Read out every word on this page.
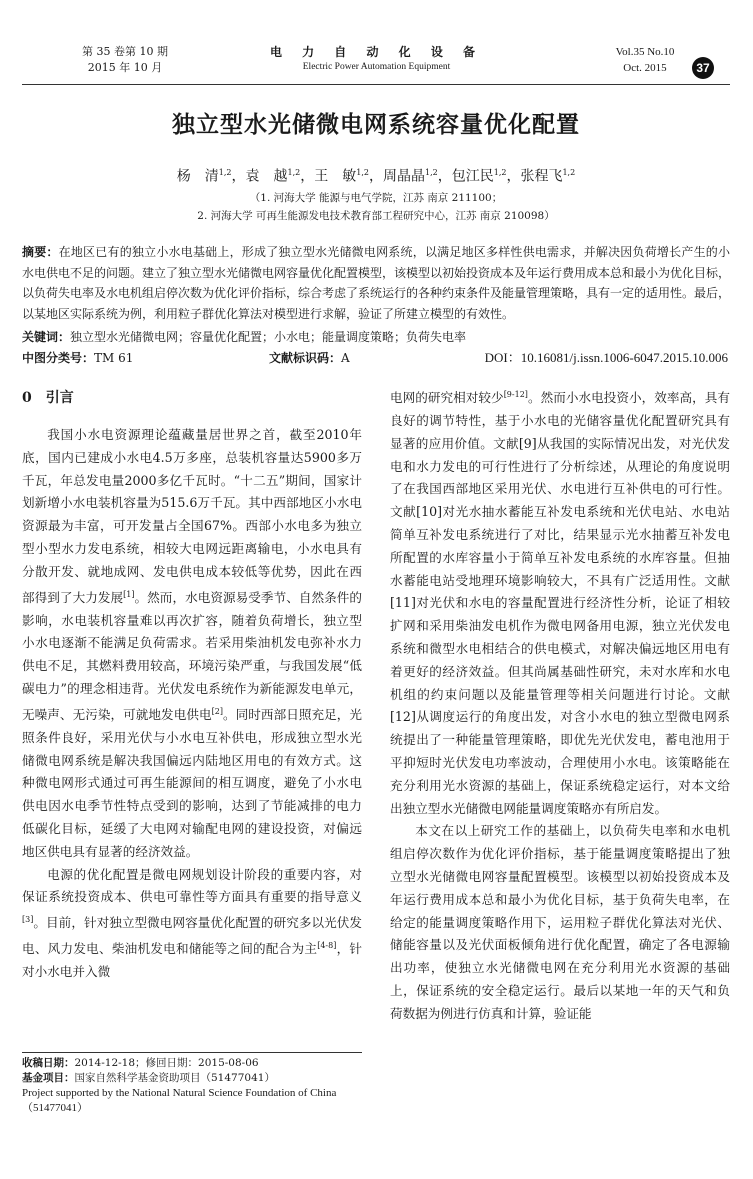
第 35 卷第 10 期
2015 年 10 月
电 力 自 动 化 设 备
Electric Power Automation Equipment
Vol.35 No.10
Oct. 2015	37
独立型水光储微电网系统容量优化配置
杨　清$^{1,2}$，袁　越$^{1,2}$，王　敏$^{1,2}$，周晶晶$^{1,2}$，包江民$^{1,2}$，张程飞$^{1,2}$
（1. 河海大学 能源与电气学院，江苏 南京 211100；
2. 河海大学 可再生能源发电技术教育部工程研究中心，江苏 南京 210098）
摘要：在地区已有的独立小水电基础上，形成了独立型水光储微电网系统，以满足地区多样性供电需求，并解决因负荷增长产生的小水电供电不足的问题。建立了独立型水光储微电网容量优化配置模型，该模型以初始投资成本及年运行费用成本总和最小为优化目标，以负荷失电率及水电机组启停次数为优化评价指标，综合考虑了系统运行的各种约束条件及能量管理策略，具有一定的适用性。最后，以某地区实际系统为例，利用粒子群优化算法对模型进行求解，验证了所建立模型的有效性。
关键词：独立型水光储微电网；容量优化配置；小水电；能量调度策略；负荷失电率
中图分类号：TM 61	文献标识码：A	DOI：10.16081/j.issn.1006-6047.2015.10.006
0　引言

我国小水电资源理论蕴藏量居世界之首，截至2010年底，国内已建成小水电4.5万多座，总装机容量达5900多万千瓦，年总发电量2000多亿千瓦时。“十二五”期间，国家计划新增小水电装机容量为515.6万千瓦。其中西部地区小水电资源最为丰富，可开发量占全国67%。西部小水电多为独立型小型水力发电系统，相较大电网远距离输电，小水电具有分散开发、就地成网、发电供电成本较低等优势，因此在西部得到了大力发展[1]。然而，水电资源易受季节、自然条件的影响，水电装机容量难以再次扩容，随着负荷增长，独立型小水电逐渐不能满足负荷需求。若采用柴油机发电弥补水力供电不足，其燃料费用较高，环境污染严重，与我国发展“低碳电力”的理念相违背。光伏发电系统作为新能源发电单元，无噪声、无污染，可就地发电供电[2]。同时西部日照充足，光照条件良好，采用光伏与小水电互补供电，形成独立型水光储微电网系统是解决我国偏远内陆地区用电的有效方式。这种微电网形式通过可再生能源间的相互调度，避免了小水电供电因水电季节性特点受到的影响，达到了节能减排的电力低碳化目标，延缓了大电网对输配电网的建设投资，对偏远地区供电具有显著的经济效益。

电源的优化配置是微电网规划设计阶段的重要内容，对保证系统投资成本、供电可靠性等方面具有重要的指导意义[3]。目前，针对独立型微电网容量优化配置的研究多以光伏发电、风力发电、柴油机发电和储能等之间的配合为主[4-8]，针对小水电并入微

电网的研究相对较少[9-12]。然而小水电投资小，效率高，具有良好的调节特性，基于小水电的光储容量优化配置研究具有显著的应用价值。文献[9]从我国的实际情况出发，对光伏发电和水力发电的可行性进行了分析综述，从理论的角度说明了在我国西部地区采用光伏、水电进行互补供电的可行性。文献[10]对光水抽水蓄能互补发电系统和光伏电站、水电站简单互补发电系统进行了对比，结果显示光水抽蓄互补发电所配置的水库容量小于简单互补发电系统的水库容量。但抽水蓄能电站受地理环境影响较大，不具有广泛适用性。文献[11]对光伏和水电的容量配置进行经济性分析，论证了相较扩网和采用柴油发电机作为微电网备用电源，独立光伏发电系统和微型水电相结合的供电模式，对解决偏远地区用电有着更好的经济效益。但其尚属基础性研究，未对水库和水电机组的约束问题以及能量管理等相关问题进行讨论。文献[12]从调度运行的角度出发，对含小水电的独立型微电网系统提出了一种能量管理策略，即优先光伏发电，蓄电池用于平抑短时光伏发电功率波动，合理使用小水电。该策略能在充分利用光水资源的基础上，保证系统稳定运行，对本文给出独立型水光储微电网能量调度策略亦有所启发。

本文在以上研究工作的基础上，以负荷失电率和水电机组启停次数作为优化评价指标，基于能量调度策略提出了独立型水光储微电网容量配置模型。该模型以初始投资成本及年运行费用成本总和最小为优化目标，基于负荷失电率，在给定的能量调度策略作用下，运用粒子群优化算法对光伏、储能容量以及光伏面板倾角进行优化配置，确定了各电源输出功率，使独立水光储微电网在充分利用光水资源的基础上，保证系统的安全稳定运行。最后以某地一年的天气和负荷数据为例进行仿真和计算，验证能

收稿日期：2014-12-18；修回日期：2015-08-06
基金项目：国家自然科学基金资助项目（51477041）
Project supported by the National Natural Science Foundation of China（51477041）
